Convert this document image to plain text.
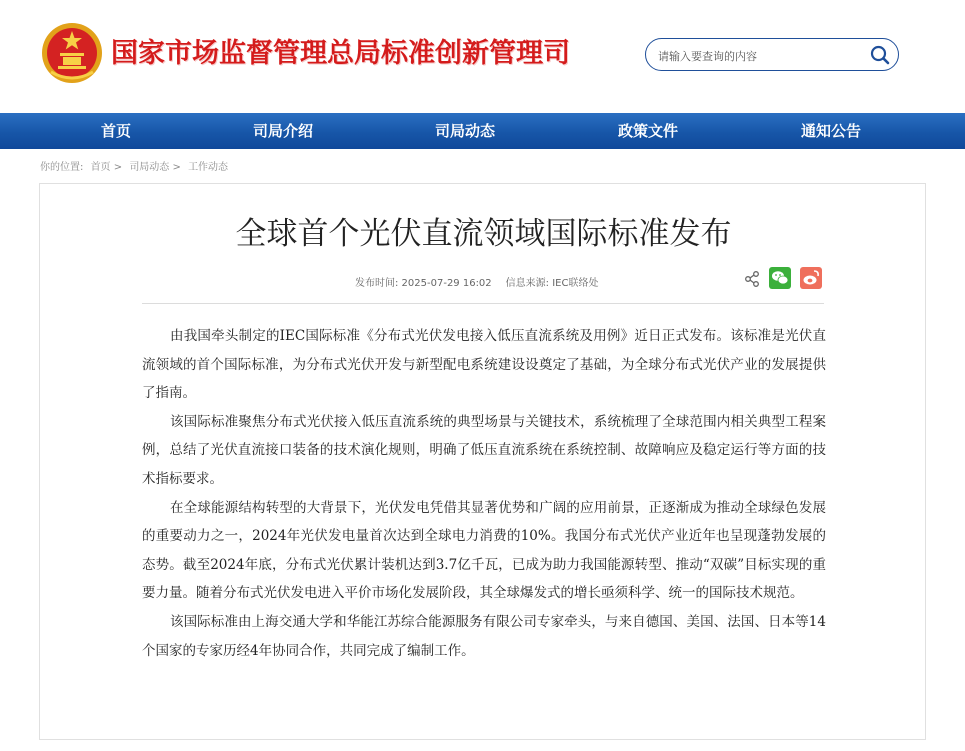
国家市场监督管理总局标准创新管理司
请输入要查询的内容
首页	司局介绍	司局动态	政策文件	通知公告
你的位置: 首页 > 司局动态 > 工作动态
全球首个光伏直流领域国际标准发布
发布时间: 2025-07-29 16:02 信息来源: IEC联络处

由我国牵头制定的IEC国际标准《分布式光伏发电接入低压直流系统及用例》近日正式发布。该标准是光伏直流领域的首个国际标准，为分布式光伏开发与新型配电系统建设设奠定了基础，为全球分布式光伏产业的发展提供了指南。

该国际标准聚焦分布式光伏接入低压直流系统的典型场景与关键技术，系统梳理了全球范围内相关典型工程案例，总结了光伏直流接口装备的技术演化规则，明确了低压直流系统在系统控制、故障响应及稳定运行等方面的技术指标要求。

在全球能源结构转型的大背景下，光伏发电凭借其显著优势和广阔的应用前景，正逐渐成为推动全球绿色发展的重要动力之一，2024年光伏发电量首次达到全球电力消费的10%。我国分布式光伏产业近年也呈现蓬勃发展的态势。截至2024年底，分布式光伏累计装机达到3.7亿千瓦，已成为助力我国能源转型、推动“双碳”目标实现的重要力量。随着分布式光伏发电进入平价市场化发展阶段，其全球爆发式的增长亟须科学、统一的国际技术规范。

该国际标准由上海交通大学和华能江苏综合能源服务有限公司专家牵头，与来自德国、美国、法国、日本等14个国家的专家历经4年协同合作，共同完成了编制工作。
